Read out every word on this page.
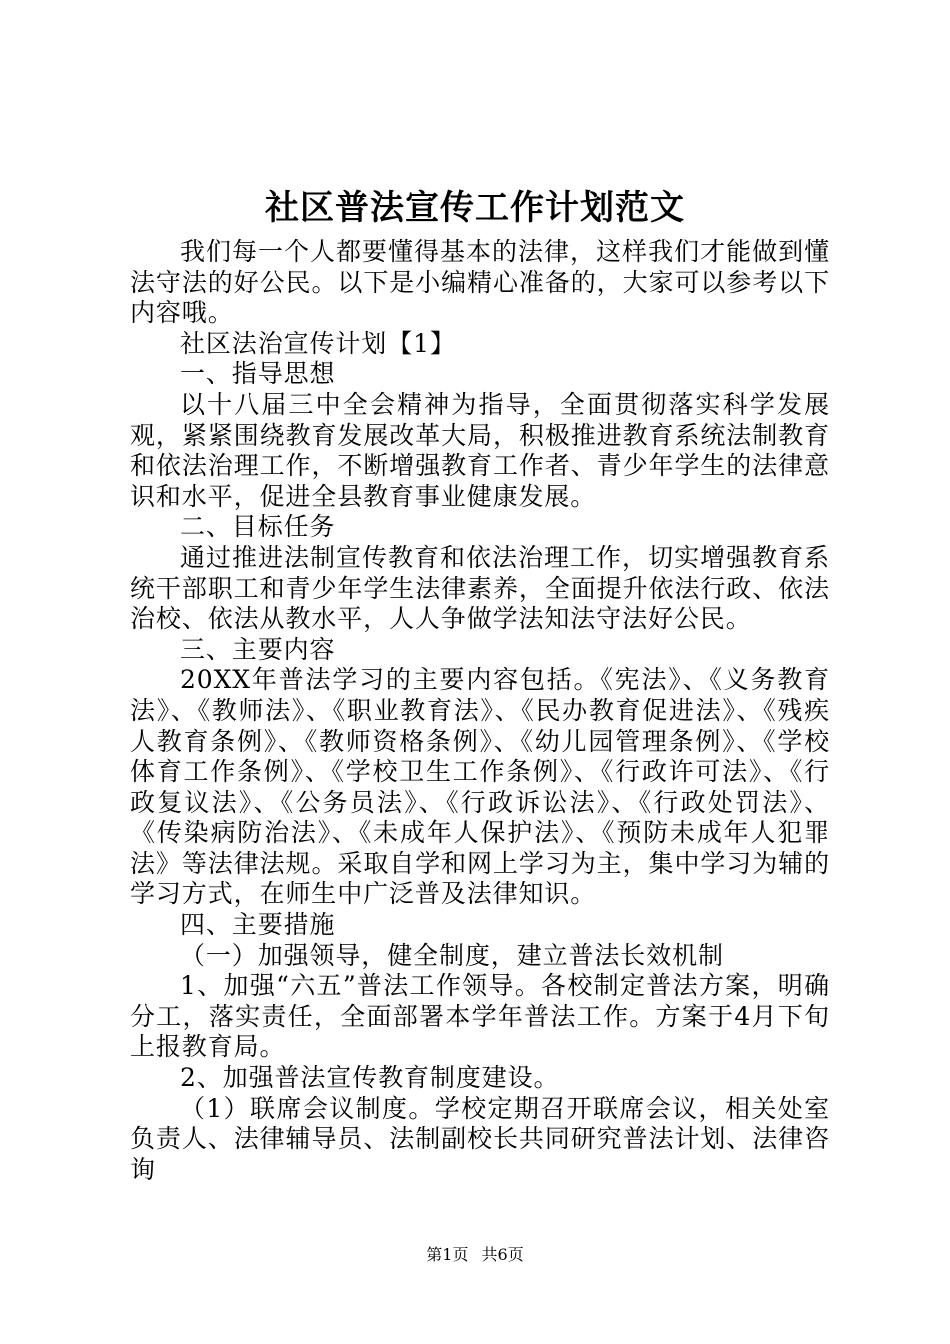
社区普法宣传工作计划范文

我们每一个人都要懂得基本的法律，这样我们才能做到懂法守法的好公民。以下是小编精心准备的，大家可以参考以下内容哦。

社区法治宣传计划【1】

一、指导思想

以十八届三中全会精神为指导，全面贯彻落实科学发展观，紧紧围绕教育发展改革大局，积极推进教育系统法制教育和依法治理工作，不断增强教育工作者、青少年学生的法律意识和水平，促进全县教育事业健康发展。

二、目标任务

通过推进法制宣传教育和依法治理工作，切实增强教育系统干部职工和青少年学生法律素养，全面提升依法行政、依法治校、依法从教水平，人人争做学法知法守法好公民。

三、主要内容

20XX年普法学习的主要内容包括。《宪法》、《义务教育法》、《教师法》、《职业教育法》、《民办教育促进法》、《残疾人教育条例》、《教师资格条例》、《幼儿园管理条例》、《学校体育工作条例》、《学校卫生工作条例》、《行政许可法》、《行政复议法》、《公务员法》、《行政诉讼法》、《行政处罚法》、《传染病防治法》、《未成年人保护法》、《预防未成年人犯罪法》等法律法规。采取自学和网上学习为主，集中学习为辅的学习方式，在师生中广泛普及法律知识。

四、主要措施

（一）加强领导，健全制度，建立普法长效机制

1、加强“六五”普法工作领导。各校制定普法方案，明确分工，落实责任，全面部署本学年普法工作。方案于4月下旬上报教育局。

2、加强普法宣传教育制度建设。

（1）联席会议制度。学校定期召开联席会议，相关处室负责人、法律辅导员、法制副校长共同研究普法计划、法律咨询

第1页 共6页
